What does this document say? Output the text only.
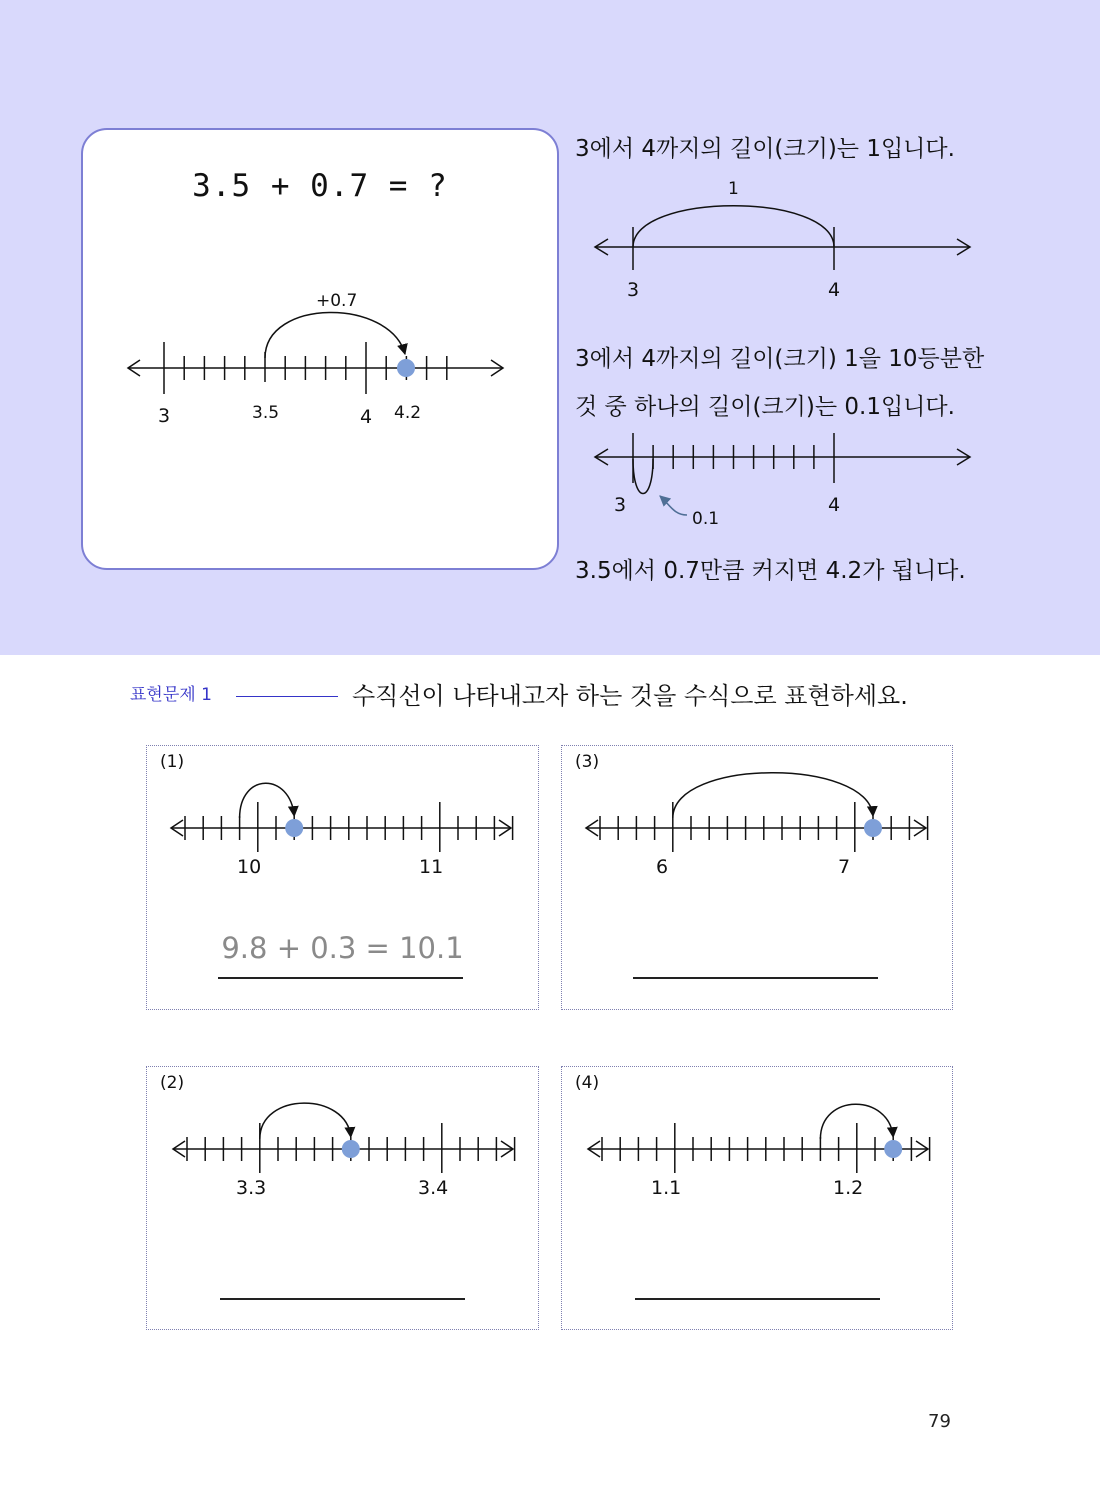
3.5 + 0.7 = ?
+0.7
3	3.5	4 4.2
3에서 4까지의 길이(크기)는 1입니다.
1
3	4
3에서 4까지의 길이(크기) 1을 10등분한
것 중 하나의 길이(크기)는 0.1입니다.
3	4
0.1
3.5에서 0.7만큼 커지면 4.2가 됩니다.
표현문제 1	수직선이 나타내고자 하는 것을 수식으로 표현하세요.
(1)
10	11
9.8 + 0.3 = 10.1
(3)
6	7
(2)
3.3	3.4
(4)
1.1	1.2
79
